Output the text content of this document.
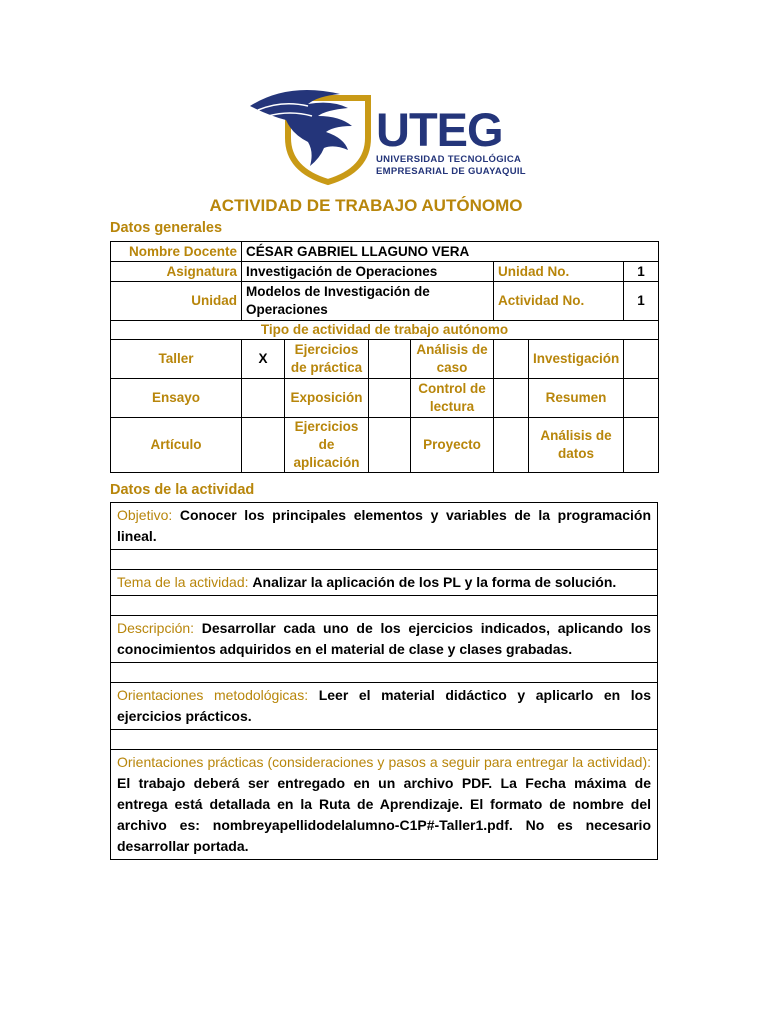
UTEG
UNIVERSIDAD TECNOLÓGICA
EMPRESARIAL DE GUAYAQUIL
ACTIVIDAD DE TRABAJO AUTÓNOMO
Datos generales
Nombre Docente	CÉSAR GABRIEL LLAGUNO VERA						
Asignatura	Investigación de Operaciones				Unidad No.		1
Unidad	Modelos de Investigación de Operaciones				Actividad No.		1
Tipo de actividad de trabajo autónomo							
Taller	X	Ejercicios de práctica		Análisis de caso		Investigación	
Ensayo		Exposición		Control de lectura		Resumen	
Artículo		Ejercicios de aplicación		Proyecto		Análisis de datos	
Datos de la actividad
Objetivo: Conocer los principales elementos y variables de la programación lineal.

Tema de la actividad: Analizar la aplicación de los PL y la forma de solución.

Descripción: Desarrollar cada uno de los ejercicios indicados, aplicando los conocimientos adquiridos en el material de clase y clases grabadas.

Orientaciones metodológicas: Leer el material didáctico y aplicarlo en los ejercicios prácticos.

Orientaciones prácticas (consideraciones y pasos a seguir para entregar la actividad): El trabajo deberá ser entregado en un archivo PDF. La Fecha máxima de entrega está detallada en la Ruta de Aprendizaje. El formato de nombre del archivo es: nombreyapellidodelalumno-C1P#-Taller1.pdf. No es necesario desarrollar portada.
